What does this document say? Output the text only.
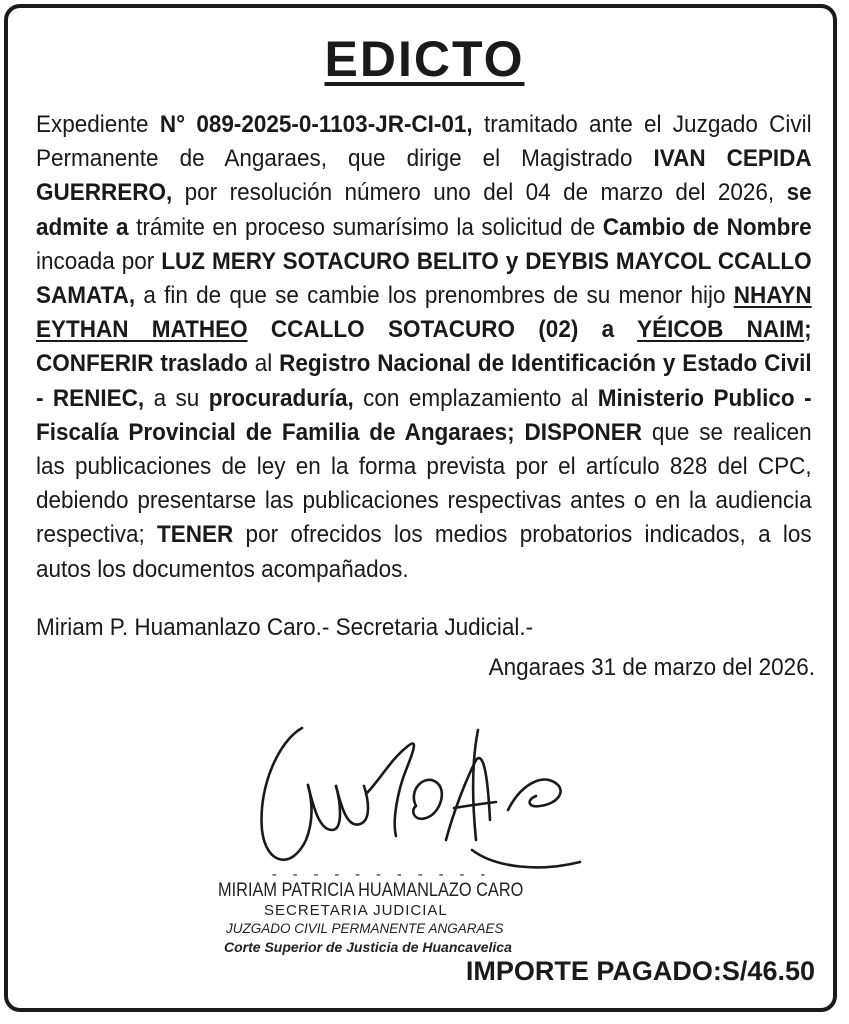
EDICTO
Expediente N° 089-2025-0-1103-JR-CI-01, tramitado ante el Juzgado Civil Permanente de Angaraes, que dirige el Magistrado IVAN CEPIDA GUERRERO, por resolución número uno del 04 de marzo del 2026, se admite a trámite en proceso sumarísimo la solicitud de Cambio de Nombre incoada por LUZ MERY SOTACURO BELITO y DEYBIS MAYCOL CCALLO SAMATA, a fin de que se cambie los prenombres de su menor hijo NHAYN EYTHAN MATHEO CCALLO SOTACURO (02) a YÉICOB NAIM; CONFERIR traslado al Registro Nacional de Identificación y Estado Civil - RENIEC, a su procuraduría, con emplazamiento al Ministerio Publico - Fiscalía Provincial de Familia de Angaraes; DISPONER que se realicen las publicaciones de ley en la forma prevista por el artículo 828 del CPC, debiendo presentarse las publicaciones respectivas antes o en la audiencia respectiva; TENER por ofrecidos los medios probatorios indicados, a los autos los documentos acompañados.
Miriam P. Huamanlazo Caro.- Secretaria Judicial.-
Angaraes 31 de marzo del 2026.
- - - - - - - - - - -
MIRIAM PATRICIA HUAMANLAZO CARO
SECRETARIA JUDICIAL
JUZGADO CIVIL PERMANENTE ANGARAES
Corte Superior de Justicia de Huancavelica
IMPORTE PAGADO:S/46.50
